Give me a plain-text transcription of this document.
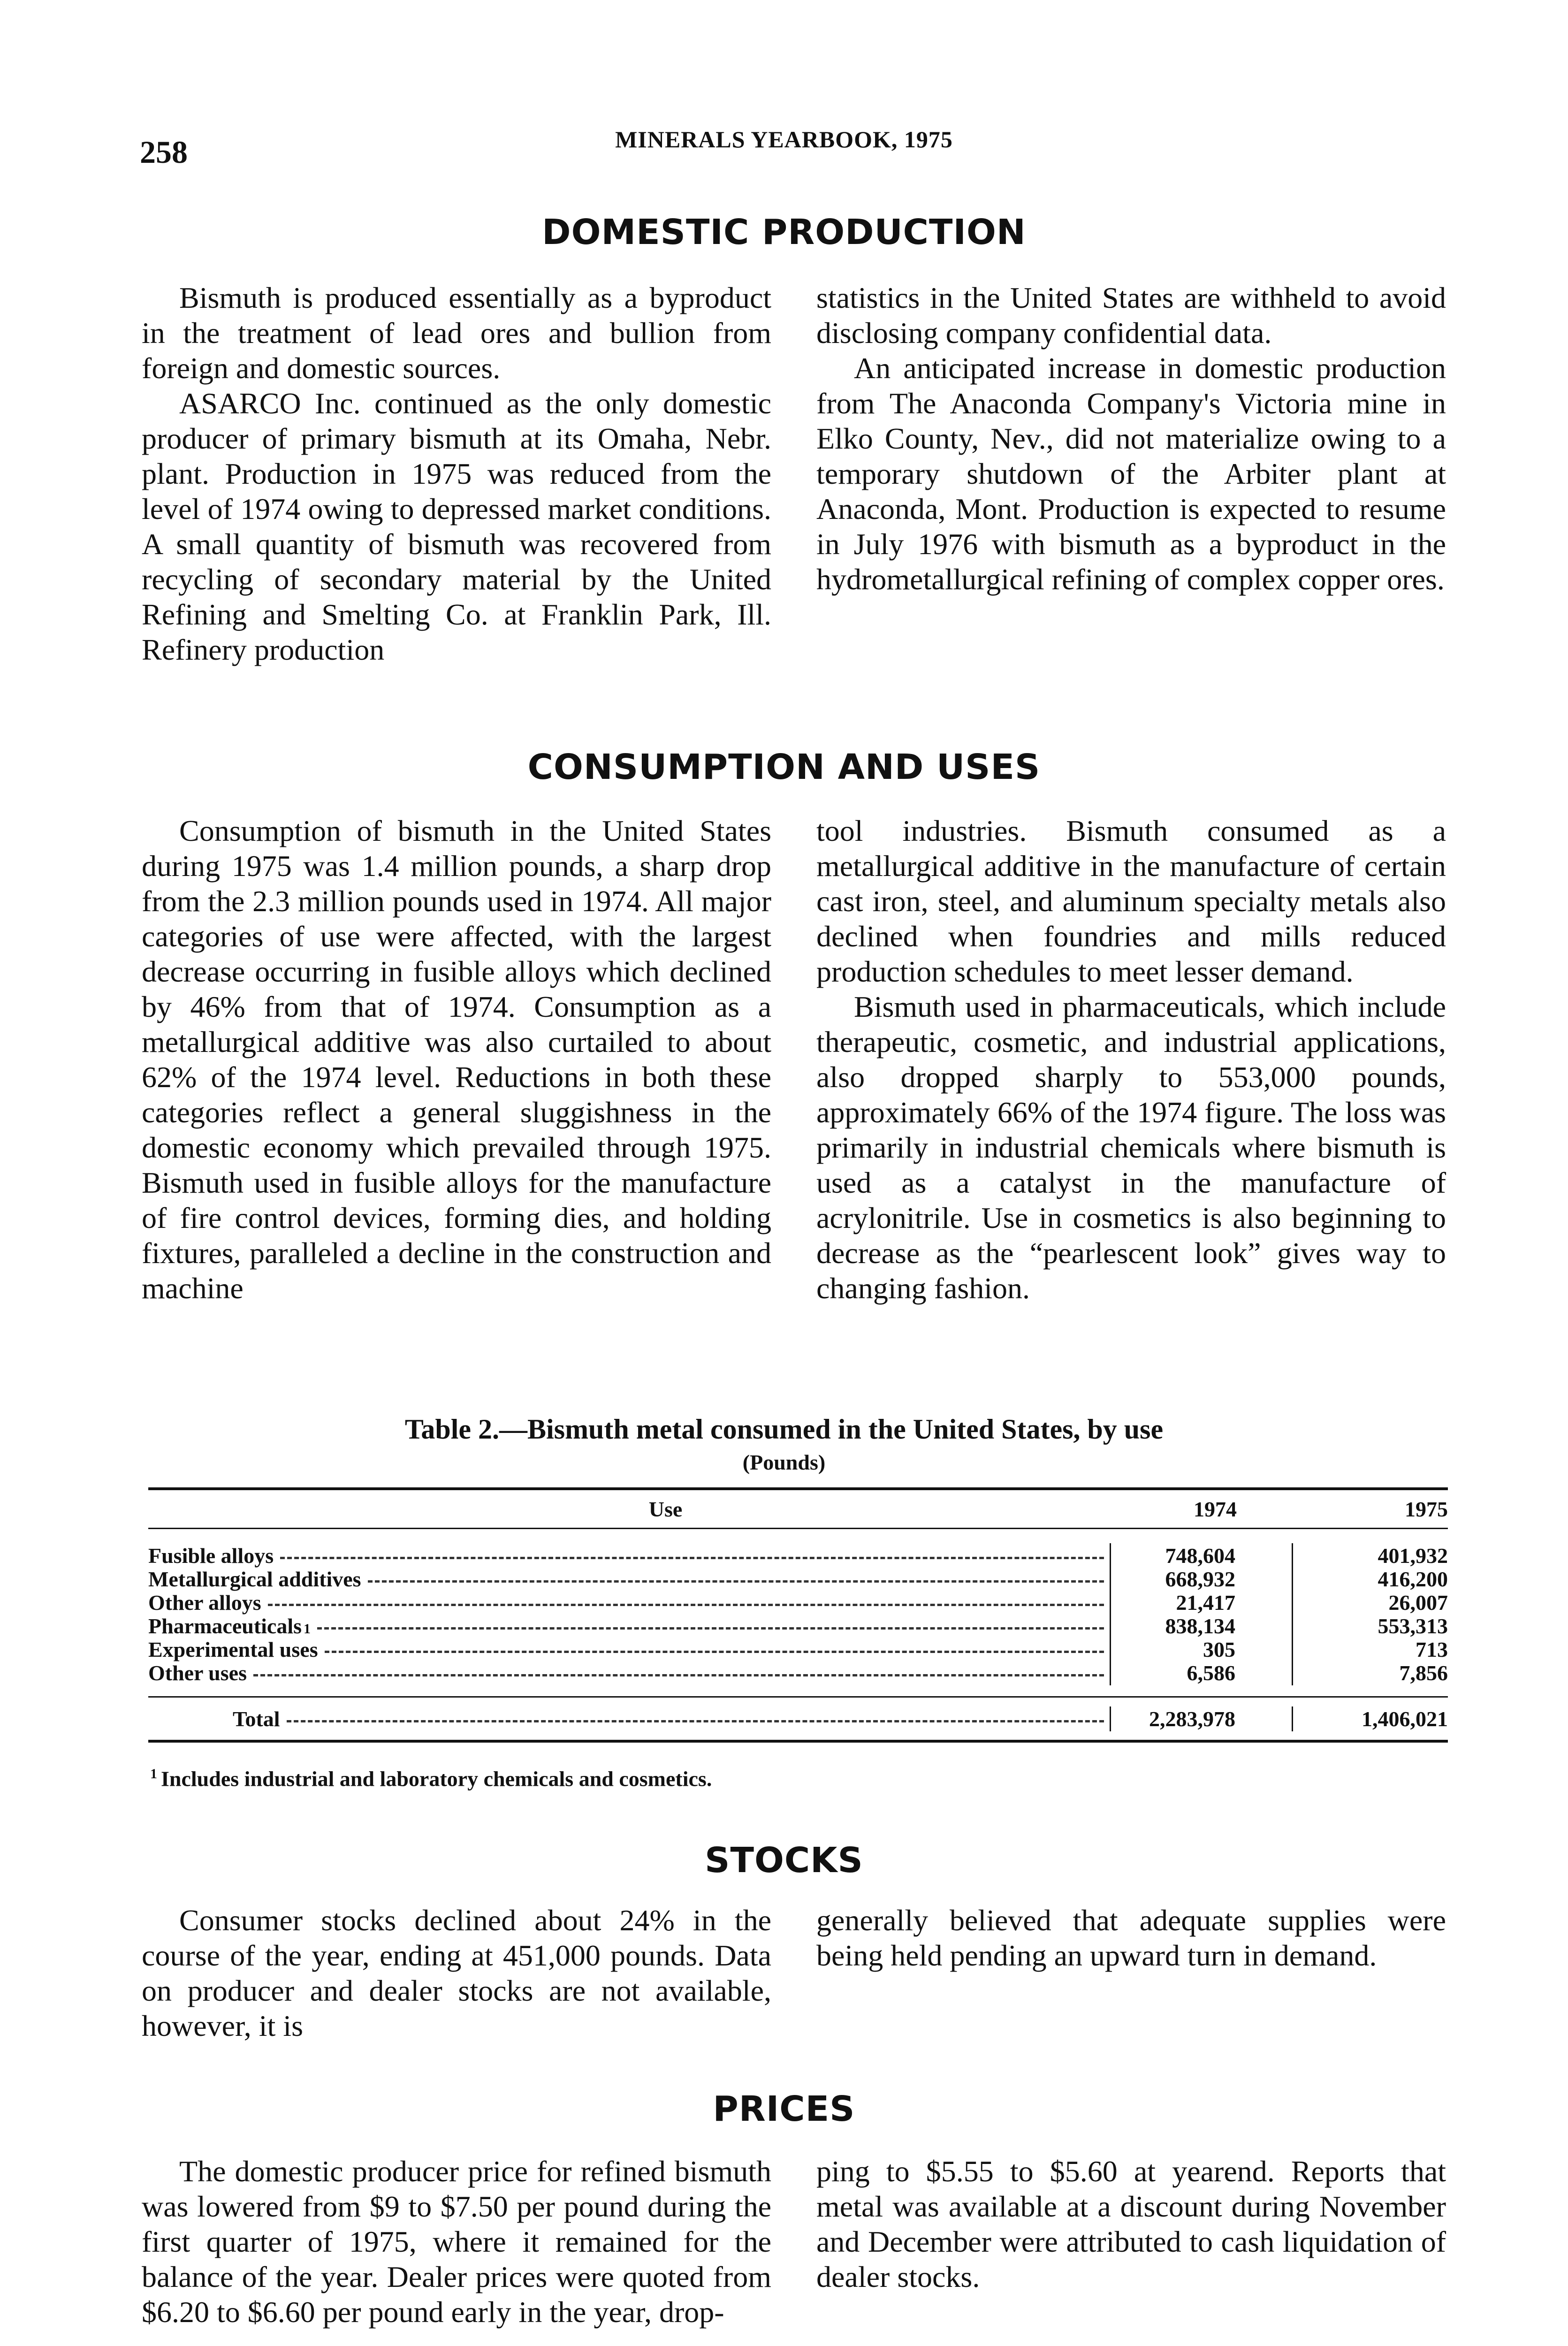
258	MINERALS YEARBOOK, 1975
DOMESTIC PRODUCTION

Bismuth is produced essentially as a byproduct in the treatment of lead ores and bullion from foreign and domestic sources.

ASARCO Inc. continued as the only domestic producer of primary bismuth at its Omaha, Nebr. plant. Production in 1975 was reduced from the level of 1974 owing to depressed market conditions. A small quantity of bismuth was recovered from recycling of secondary material by the United Refining and Smelting Co. at Franklin Park, Ill. Refinery production

statistics in the United States are withheld to avoid disclosing company confidential data.

An anticipated increase in domestic production from The Anaconda Company's Victoria mine in Elko County, Nev., did not materialize owing to a temporary shutdown of the Arbiter plant at Anaconda, Mont. Production is expected to resume in July 1976 with bismuth as a byproduct in the hydrometallurgical refining of complex copper ores.

CONSUMPTION AND USES

Consumption of bismuth in the United States during 1975 was 1.4 million pounds, a sharp drop from the 2.3 million pounds used in 1974. All major categories of use were affected, with the largest decrease occurring in fusible alloys which declined by 46% from that of 1974. Consumption as a metallurgical additive was also curtailed to about 62% of the 1974 level. Reductions in both these categories reflect a general sluggishness in the domestic economy which prevailed through 1975. Bismuth used in fusible alloys for the manufacture of fire control devices, forming dies, and holding fixtures, paralleled a decline in the construction and machine

tool industries. Bismuth consumed as a metallurgical additive in the manufacture of certain cast iron, steel, and aluminum specialty metals also declined when foundries and mills reduced production schedules to meet lesser demand.

Bismuth used in pharmaceuticals, which include therapeutic, cosmetic, and industrial applications, also dropped sharply to 553,000 pounds, approximately 66% of the 1974 figure. The loss was primarily in industrial chemicals where bismuth is used as a catalyst in the manufacture of acrylonitrile. Use in cosmetics is also beginning to decrease as the “pearlescent look” gives way to changing fashion.

Table 2.—Bismuth metal consumed in the United States, by use
(Pounds)
Use	1974	1975
Fusible alloys	748,604	401,932
Metallurgical additives	668,932	416,200
Other alloys	21,417	26,007
Pharmaceuticals 1	838,134	553,313
Experimental uses	305	713
Other uses	6,586	7,856
Total	2,283,978	1,406,021
$^1$ Includes industrial and laboratory chemicals and cosmetics.
STOCKS

Consumer stocks declined about 24% in the course of the year, ending at 451,000 pounds. Data on producer and dealer stocks are not available, however, it is

generally believed that adequate supplies were being held pending an upward turn in demand.

PRICES

The domestic producer price for refined bismuth was lowered from $9 to $7.50 per pound during the first quarter of 1975, where it remained for the balance of the year. Dealer prices were quoted from $6.20 to $6.60 per pound early in the year, drop-

ping to $5.55 to $5.60 at yearend. Reports that metal was available at a discount during November and December were attributed to cash liquidation of dealer stocks.
